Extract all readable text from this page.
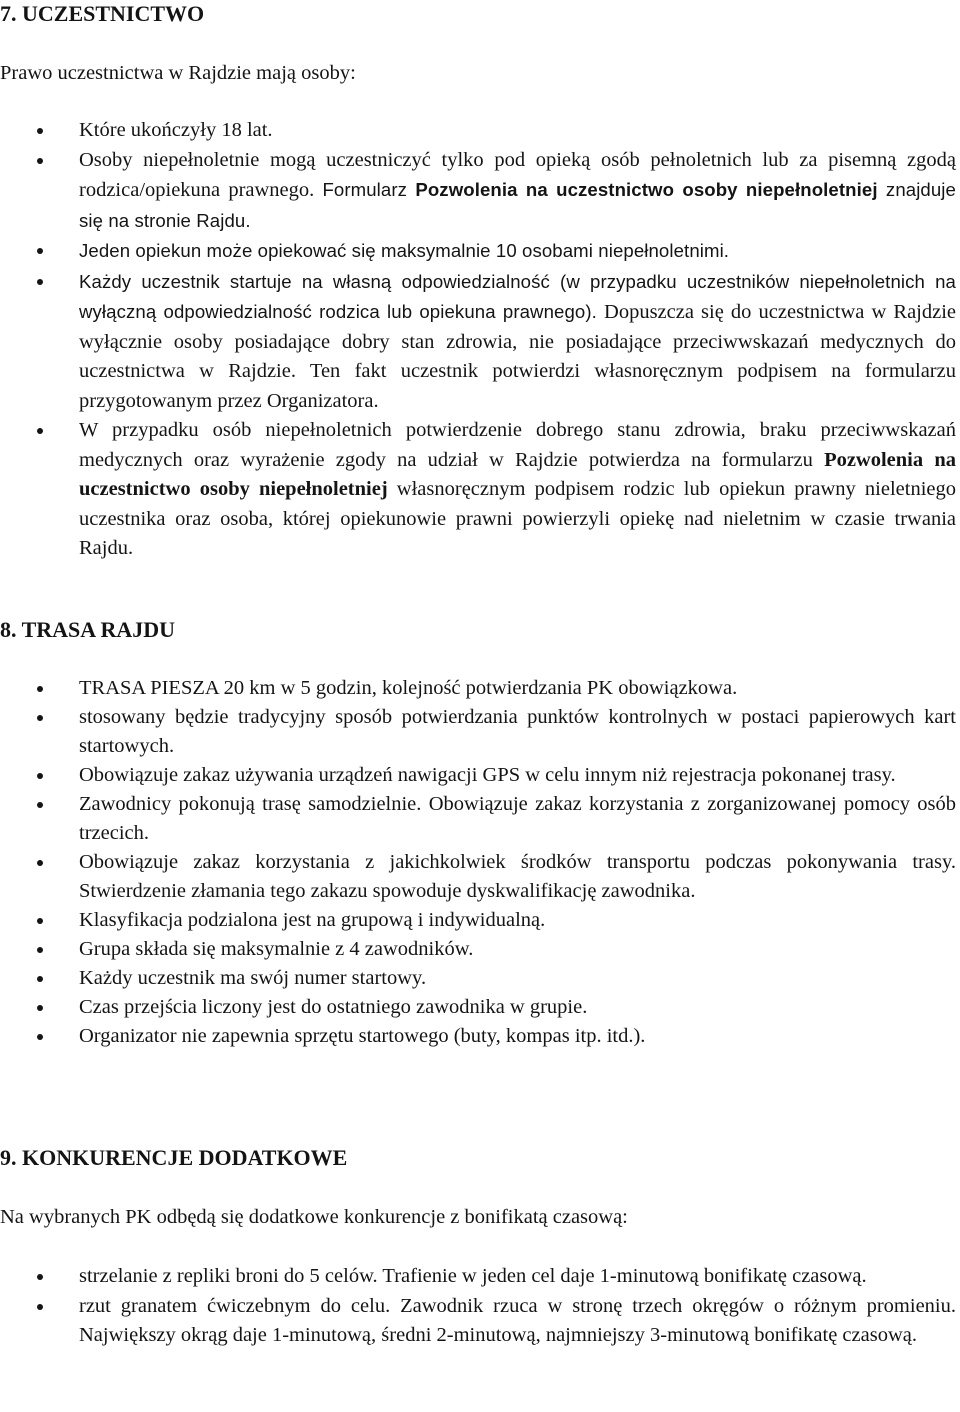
7. UCZESTNICTWO

Prawo uczestnictwa w Rajdzie mają osoby:

Które ukończyły 18 lat.
Osoby niepełnoletnie mogą uczestniczyć tylko pod opieką osób pełnoletnich lub za pisemną zgodą rodzica/opiekuna prawnego. Formularz Pozwolenia na uczestnictwo osoby niepełnoletniej znajduje się na stronie Rajdu.
Jeden opiekun może opiekować się maksymalnie 10 osobami niepełnoletnimi.
Każdy uczestnik startuje na własną odpowiedzialność (w przypadku uczestników niepełnoletnich na wyłączną odpowiedzialność rodzica lub opiekuna prawnego). Dopuszcza się do uczestnictwa w Rajdzie wyłącznie osoby posiadające dobry stan zdrowia, nie posiadające przeciwwskazań medycznych do uczestnictwa w Rajdzie. Ten fakt uczestnik potwierdzi własnoręcznym podpisem na formularzu przygotowanym przez Organizatora.
W przypadku osób niepełnoletnich potwierdzenie dobrego stanu zdrowia, braku przeciwwskazań medycznych oraz wyrażenie zgody na udział w Rajdzie potwierdza na formularzu Pozwolenia na uczestnictwo osoby niepełnoletniej własnoręcznym podpisem rodzic lub opiekun prawny nieletniego uczestnika oraz osoba, której opiekunowie prawni powierzyli opiekę nad nieletnim w czasie trwania Rajdu.
8. TRASA RAJDU
TRASA PIESZA 20 km w 5 godzin, kolejność potwierdzania PK obowiązkowa.
stosowany będzie tradycyjny sposób potwierdzania punktów kontrolnych w postaci papierowych kart startowych.
Obowiązuje zakaz używania urządzeń nawigacji GPS w celu innym niż rejestracja pokonanej trasy.
Zawodnicy pokonują trasę samodzielnie. Obowiązuje zakaz korzystania z zorganizowanej pomocy osób trzecich.
Obowiązuje zakaz korzystania z jakichkolwiek środków transportu podczas pokonywania trasy. Stwierdzenie złamania tego zakazu spowoduje dyskwalifikację zawodnika.
Klasyfikacja podzialona jest na grupową i indywidualną.
Grupa składa się maksymalnie z 4 zawodników.
Każdy uczestnik ma swój numer startowy.
Czas przejścia liczony jest do ostatniego zawodnika w grupie.
Organizator nie zapewnia sprzętu startowego (buty, kompas itp. itd.).
9. KONKURENCJE DODATKOWE

Na wybranych PK odbędą się dodatkowe konkurencje z bonifikatą czasową:

strzelanie z repliki broni do 5 celów. Trafienie w jeden cel daje 1-minutową bonifikatę czasową.
rzut granatem ćwiczebnym do celu. Zawodnik rzuca w stronę trzech okręgów o różnym promieniu. Największy okrąg daje 1-minutową, średni 2-minutową, najmniejszy 3-minutową bonifikatę czasową.
